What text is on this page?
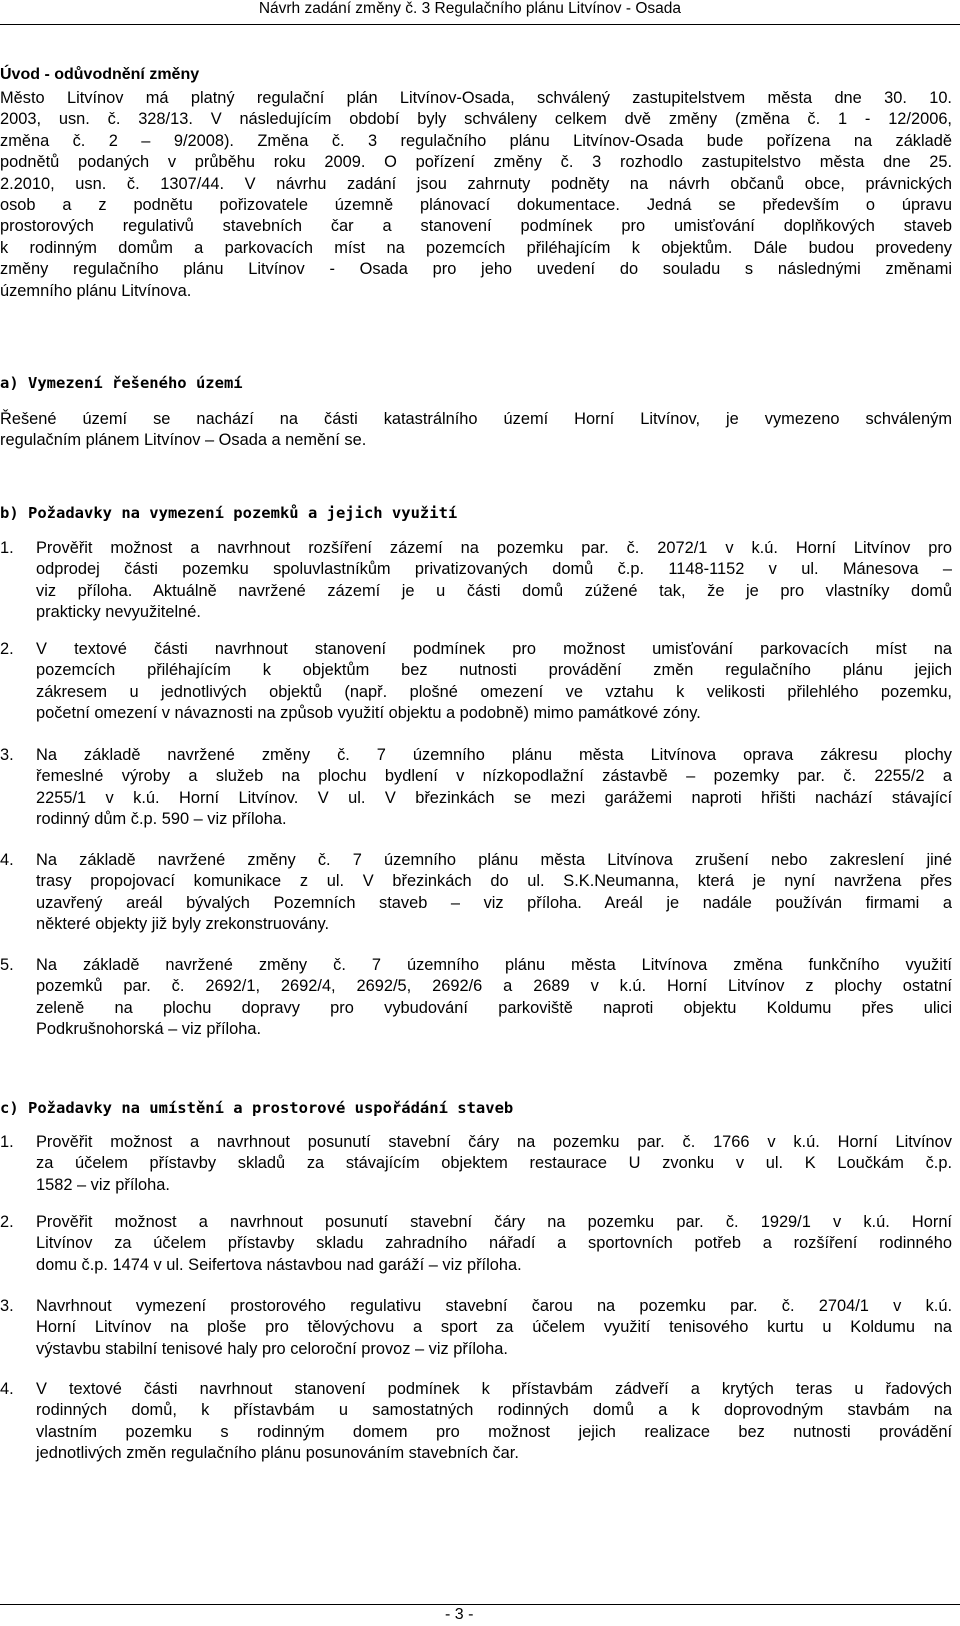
Návrh zadání změny č. 3 Regulačního plánu Litvínov - Osada
Úvod - odůvodnění změny
Město Litvínov má platný regulační plán Litvínov-Osada, schválený zastupitelstvem města dne 30. 10.
2003, usn. č. 328/13. V následujícím období byly schváleny celkem dvě změny (změna č. 1 - 12/2006,
změna č. 2 – 9/2008). Změna č. 3 regulačního plánu Litvínov-Osada bude pořízena na základě
podnětů podaných v průběhu roku 2009. O pořízení změny č. 3 rozhodlo zastupitelstvo města dne 25.
2.2010, usn. č. 1307/44. V návrhu zadání jsou zahrnuty podněty na návrh občanů obce, právnických
osob a z podnětu pořizovatele územně plánovací dokumentace. Jedná se především o úpravu
prostorových regulativů stavebních čar a stanovení podmínek pro umisťování doplňkových staveb
k rodinným domům a parkovacích míst na pozemcích přiléhajícím k objektům. Dále budou provedeny
změny regulačního plánu Litvínov - Osada pro jeho uvedení do souladu s následnými změnami
územního plánu Litvínova.
a) Vymezení řešeného území
Řešené území se nachází na části katastrálního území Horní Litvínov, je vymezeno schváleným
regulačním plánem Litvínov – Osada a nemění se.
b) Požadavky na vymezení pozemků a jejich využití
1.	Prověřit možnost a navrhnout rozšíření zázemí na pozemku par. č. 2072/1 v k.ú. Horní Litvínov pro
odprodej části pozemku spoluvlastníkům privatizovaných domů č.p. 1148-1152 v ul. Mánesova –
viz příloha. Aktuálně navržené zázemí je u části domů zúžené tak, že je pro vlastníky domů
prakticky nevyužitelné.
2.	V textové části navrhnout stanovení podmínek pro možnost umisťování parkovacích míst na
pozemcích přiléhajícím k objektům bez nutnosti provádění změn regulačního plánu jejich
zákresem u jednotlivých objektů (např. plošné omezení ve vztahu k velikosti přilehlého pozemku,
početní omezení v návaznosti na způsob využití objektu a podobně) mimo památkové zóny.
3.	Na základě navržené změny č. 7 územního plánu města Litvínova oprava zákresu plochy
řemeslné výroby a služeb na plochu bydlení v nízkopodlažní zástavbě – pozemky par. č. 2255/2 a
2255/1 v k.ú. Horní Litvínov. V ul. V březinkách se mezi garážemi naproti hřišti nachází stávající
rodinný dům č.p. 590 – viz příloha.
4.	Na základě navržené změny č. 7 územního plánu města Litvínova zrušení nebo zakreslení jiné
trasy propojovací komunikace z ul. V březinkách do ul. S.K.Neumanna, která je nyní navržena přes
uzavřený areál bývalých Pozemních staveb – viz příloha. Areál je nadále používán firmami a
některé objekty již byly zrekonstruovány.
5.	Na základě navržené změny č. 7 územního plánu města Litvínova změna funkčního využití
pozemků par. č. 2692/1, 2692/4, 2692/5, 2692/6 a 2689 v k.ú. Horní Litvínov z plochy ostatní
zeleně na plochu dopravy pro vybudování parkoviště naproti objektu Koldumu přes ulici
Podkrušnohorská – viz příloha.
c) Požadavky na umístění a prostorové uspořádání staveb
1.	Prověřit možnost a navrhnout posunutí stavební čáry na pozemku par. č. 1766 v k.ú. Horní Litvínov
za účelem přístavby skladů za stávajícím objektem restaurace U zvonku v ul. K Loučkám č.p.
1582 – viz příloha.
2.	Prověřit možnost a navrhnout posunutí stavební čáry na pozemku par. č. 1929/1 v k.ú. Horní
Litvínov za účelem přístavby skladu zahradního nářadí a sportovních potřeb a rozšíření rodinného
domu č.p. 1474 v ul. Seifertova nástavbou nad garáží – viz příloha.
3.	Navrhnout vymezení prostorového regulativu stavební čarou na pozemku par. č. 2704/1 v k.ú.
Horní Litvínov na ploše pro tělovýchovu a sport za účelem využití tenisového kurtu u Koldumu na
výstavbu stabilní tenisové haly pro celoroční provoz – viz příloha.
4.	V textové části navrhnout stanovení podmínek k přístavbám zádveří a krytých teras u řadových
rodinných domů, k přístavbám u samostatných rodinných domů a k doprovodným stavbám na
vlastním pozemku s rodinným domem pro možnost jejich realizace bez nutnosti provádění
jednotlivých změn regulačního plánu posunováním stavebních čar.
- 3 -
